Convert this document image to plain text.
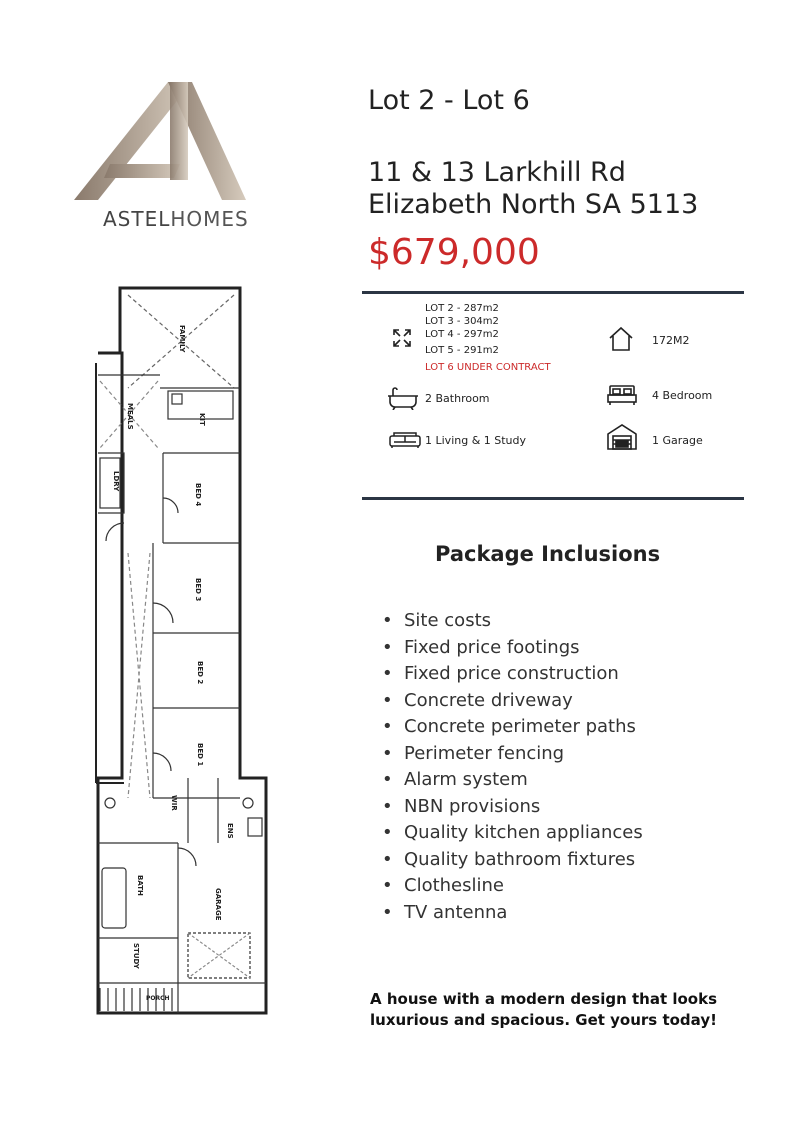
ASTELHOMES
Lot 2 - Lot 6
11 & 13 Larkhill Rd
Elizabeth North SA 5113
$679,000
LOT 2 - 287m2
LOT 3 - 304m2
LOT 4 - 297m2
LOT 5 - 291m2
LOT 6 UNDER CONTRACT
172M2
2 Bathroom	4 Bedroom
1 Living & 1 Study	1 Garage
Package Inclusions
• Site costs
• Fixed price footings
• Fixed price construction
• Concrete driveway
• Concrete perimeter paths
• Perimeter fencing
• Alarm system
• NBN provisions
• Quality kitchen appliances
• Quality bathroom fixtures
• Clothesline
• TV antenna
A house with a modern design that looks luxurious and spacious. Get yours today!
FAMILY
MEALS	KIT
LDRY
BED 4
BED 3
BED 2
BED 1
WIR
ENS
BATH
GARAGE
STUDY
PORCH
